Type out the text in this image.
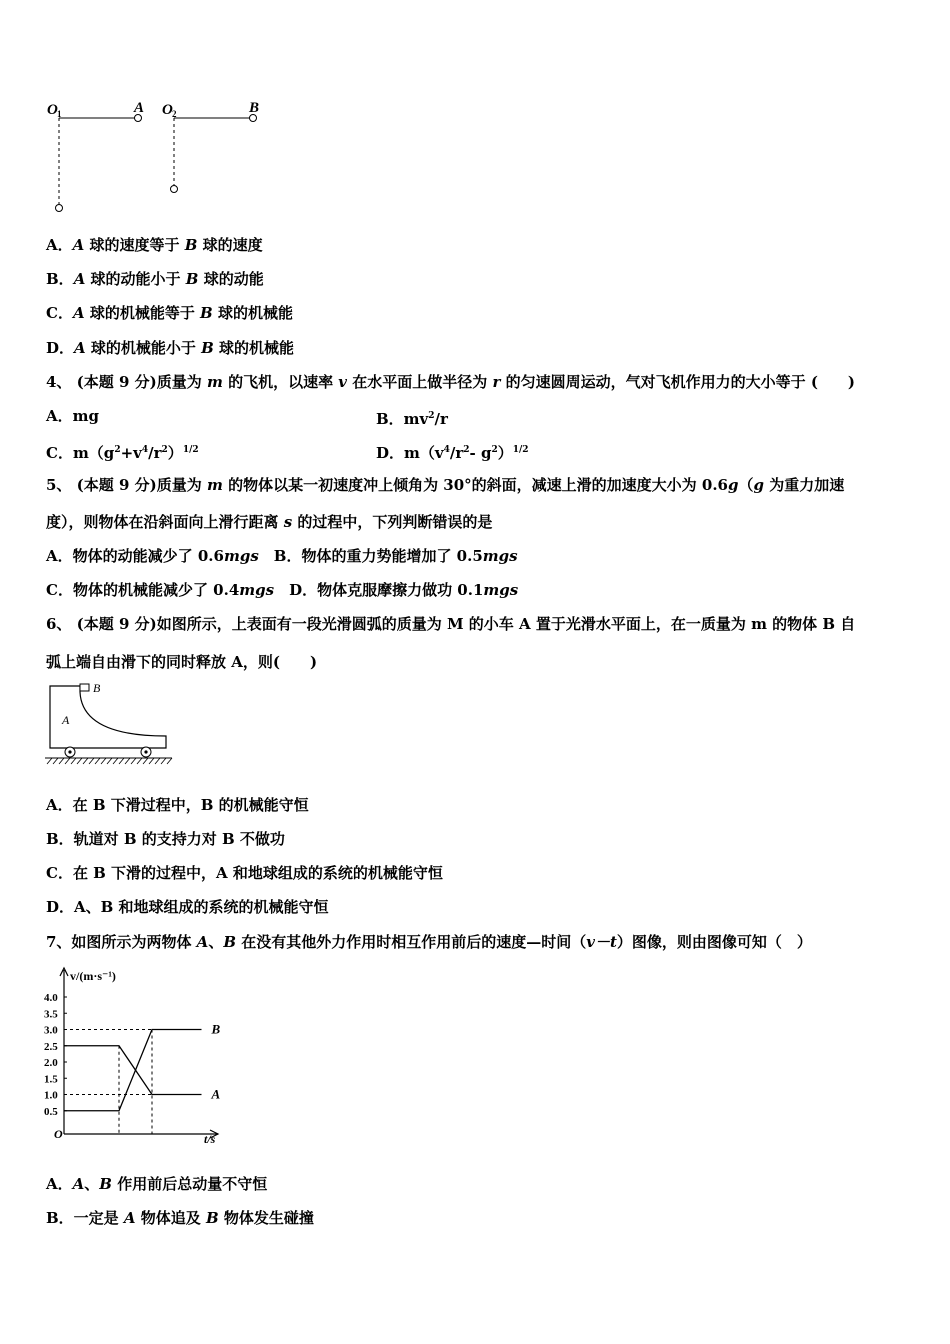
O 1	A O 2	B
A．A 球的速度等于 B 球的速度
B．A 球的动能小于 B 球的动能
C．A 球的机械能等于 B 球的机械能
D．A 球的机械能小于 B 球的机械能
4、 (本题 9 分)质量为 m 的飞机，以速率 v 在水平面上做半径为 r 的匀速圆周运动，气对飞机作用力的大小等于 (　　)
A．mg	B．$mv^2/r$
C．$m(g^2+v^4/r^2)^{1/2}$	D．$m(v^4/r^2-$ $g^2)^{1/2}$
5、 (本题 9 分)质量为 m 的物体以某一初速度冲上倾角为 30°的斜面，减速上滑的加速度大小为 0.6g（g 为重力加速
度），则物体在沿斜面向上滑行距离 s 的过程中，下列判断错误的是
A．物体的动能减少了 0.6mgs　B．物体的重力势能增加了 0.5mgs
C．物体的机械能减少了 0.4mgs　D．物体克服摩擦力做功 0.1mgs
6、 (本题 9 分)如图所示，上表面有一段光滑圆弧的质量为 M 的小车 A 置于光滑水平面上，在一质量为 m 的物体 B 自
弧上端自由滑下的同时释放 A，则(　　)
B
A
A．在 B 下滑过程中，B 的机械能守恒
B．轨道对 B 的支持力对 B 不做功
C．在 B 下滑的过程中，A 和地球组成的系统的机械能守恒
D．A、B 和地球组成的系统的机械能守恒
7、如图所示为两物体 A、B 在没有其他外力作用时相互作用前后的速度—时间（v－t）图像，则由图像可知（　）
v/(m·s⁻¹)
t/s
O
4.0
3.5
3.0
2.5
2.0
1.5
1.0
0.5
A
B
A．A、B 作用前后总动量不守恒
B．一定是 A 物体追及 B 物体发生碰撞
